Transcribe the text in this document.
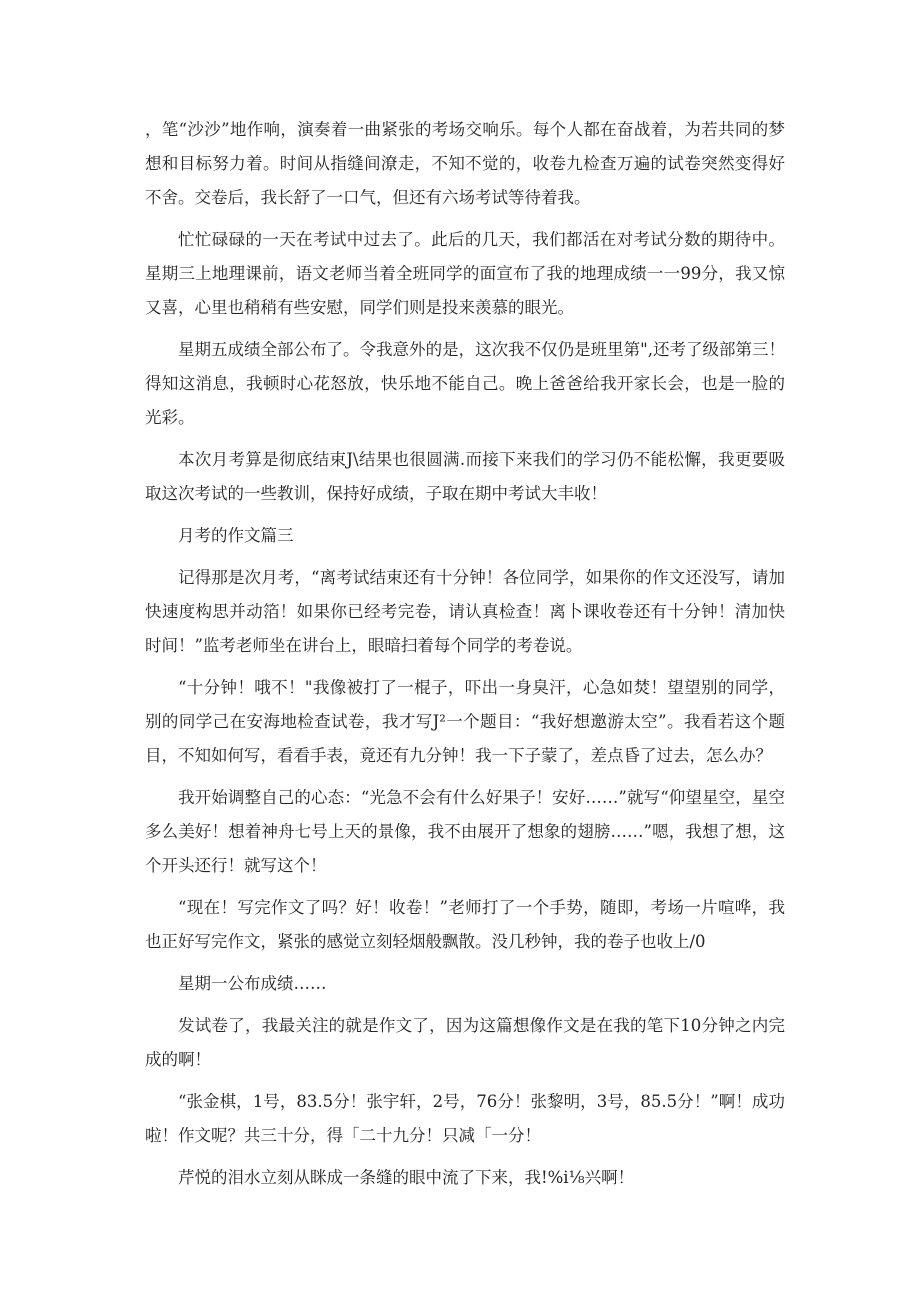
，笔“沙沙”地作响，演奏着一曲紧张的考场交响乐。每个人都在奋战着，为若共同的梦想和目标努力着。时间从指缝间潦走，不知不觉的，收卷九检查万遍的试卷突然变得好不舍。交卷后，我长舒了一口气，但还有六场考试等待着我。

忙忙碌碌的一天在考试中过去了。此后的几天，我们都活在对考试分数的期待中。星期三上地理课前，语文老师当着全班同学的面宣布了我的地理成绩一一99分，我又惊又喜，心里也稍稍有些安慰，同学们则是投来羡慕的眼光。

星期五成绩全部公布了。令我意外的是，这次我不仅仍是班里第",还考了级部第三！得知这消息，我顿时心花怒放，快乐地不能自己。晚上爸爸给我开家长会，也是一脸的光彩。

本次月考算是彻底结束J\结果也很圆满.而接下来我们的学习仍不能松懈，我更要吸取这次考试的一些教训，保持好成绩，子取在期中考试大丰收！

月考的作文篇三

记得那是次月考，“离考试结束还有十分钟！各位同学，如果你的作文还没写，请加快速度构思并动箔！如果你已经考完卷，请认真检查！离卜课收卷还有十分钟！清加快时间！”监考老师坐在讲台上，眼暗扫着每个同学的考卷说。

“十分钟！哦不！"我像被打了一棍子，吓出一身臭汗，心急如焚！望望别的同学，别的同学己在安海地检查试卷，我才写J²一个题目：“我好想邀游太空”。我看若这个题目，不知如何写，看看手表，竟还有九分钟！我一下子蒙了，差点昏了过去，怎么办？

我开始调整自己的心态：“光急不会有什么好果子！安好……”就写“仰望星空，星空多么美好！想着神舟七号上天的景像，我不由展开了想象的翅膀……”嗯，我想了想，这个开头还行！就写这个！

“现在！写完作文了吗？好！收卷！”老师打了一个手势，随即，考场一片喧哗，我也正好写完作文，紧张的感觉立刻轻烟般飘散。没几秒钟，我的卷子也收上/0

星期一公布成绩……

发试卷了，我最关注的就是作文了，因为这篇想像作文是在我的笔下10分钟之内完成的啊！

“张金棋，1号，83.5分！张宇轩，2号，76分！张黎明，3号，85.5分！”啊！成功啦！作文呢？共三十分，得「二十九分！只减「一分！

芹悦的泪水立刻从眯成一条缝的眼中流了下来，我!%i⅛兴啊！
